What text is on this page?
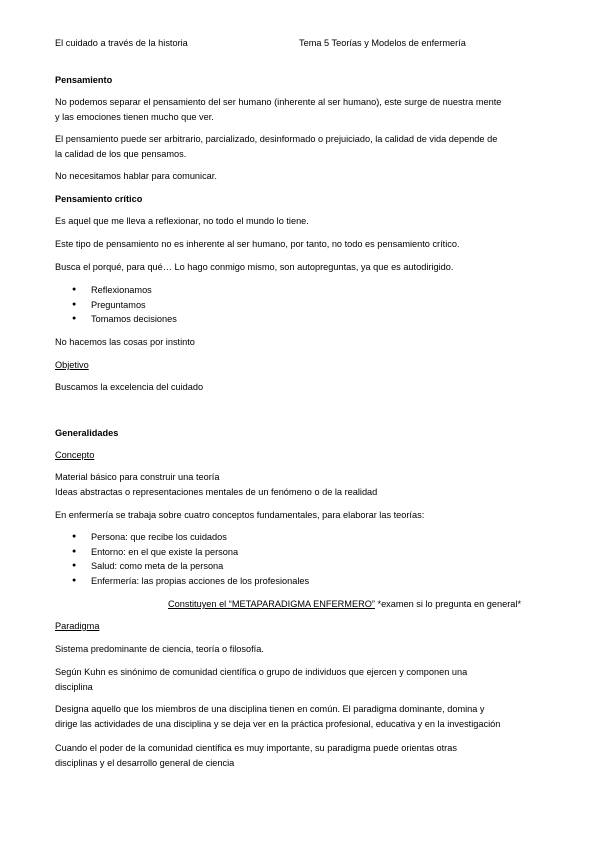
El cuidado a través de la historia	Tema 5 Teorías y Modelos de enfermería

Pensamiento

No podemos separar el pensamiento del ser humano (inherente al ser humano), este surge de nuestra mente

y las emociones tienen mucho que ver.

El pensamiento puede ser arbitrario, parcializado, desinformado o prejuiciado, la calidad de vida depende de

la calidad de los que pensamos.

No necesitamos hablar para comunicar.

Pensamiento crítico

Es aquel que me lleva a reflexionar, no todo el mundo lo tiene.

Este tipo de pensamiento no es inherente al ser humano, por tanto, no todo es pensamiento crítico.

Busca el porqué, para qué… Lo hago conmigo mismo, son autopreguntas, ya que es autodirigido.

● Reflexionamos
● Preguntamos
● Tomamos decisiones

No hacemos las cosas por instinto

Objetivo

Buscamos la excelencia del cuidado

Generalidades

Concepto

Material básico para construir una teoría

Ideas abstractas o representaciones mentales de un fenómeno o de la realidad

En enfermería se trabaja sobre cuatro conceptos fundamentales, para elaborar las teorías:

● Persona: que recibe los cuidados
● Entorno: en el que existe la persona
● Salud: como meta de la persona
● Enfermería: las propias acciones de los profesionales

Constituyen el “METAPARADIGMA ENFERMERO” *examen si lo pregunta en general*

Paradigma

Sistema predominante de ciencia, teoría o filosofía.

Según Kuhn es sinónimo de comunidad científica o grupo de individuos que ejercen y componen una

disciplina

Designa aquello que los miembros de una disciplina tienen en común. El paradigma dominante, domina y

dirige las actividades de una disciplina y se deja ver en la práctica profesional, educativa y en la investigación

Cuando el poder de la comunidad científica es muy importante, su paradigma puede orientas otras

disciplinas y el desarrollo general de ciencia
